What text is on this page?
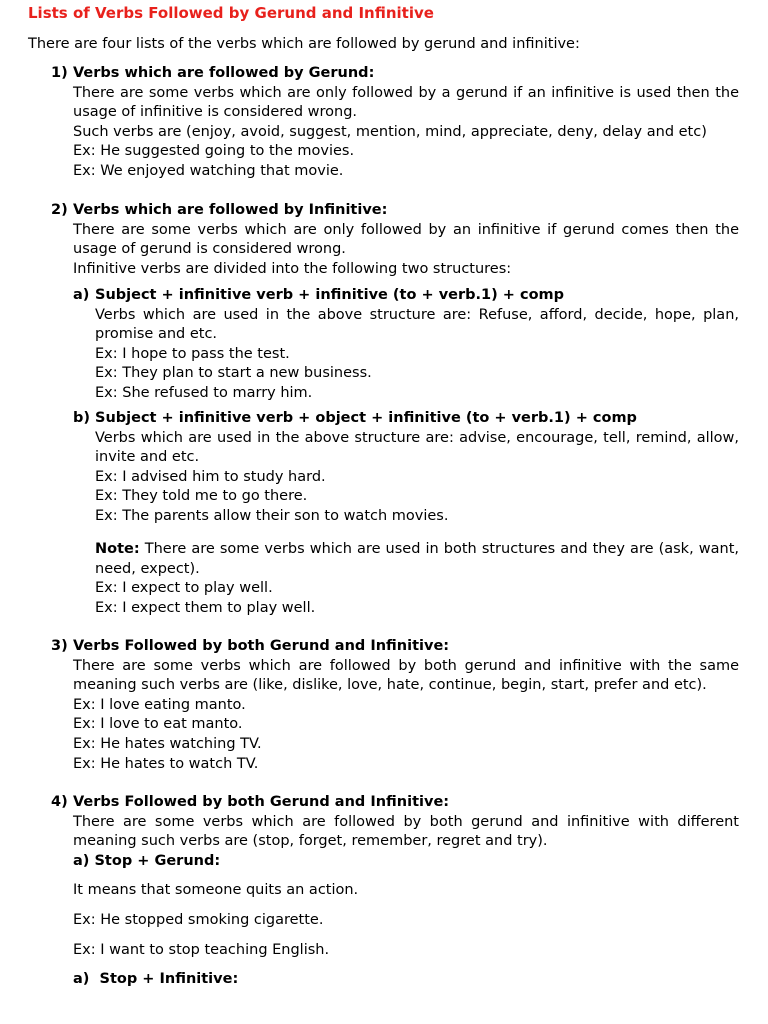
Lists of Verbs Followed by Gerund and Infinitive

There are four lists of the verbs which are followed by gerund and infinitive:

1) Verbs which are followed by Gerund:

There are some verbs which are only followed by a gerund if an infinitive is used then the usage of infinitive is considered wrong.

Such verbs are (enjoy, avoid, suggest, mention, mind, appreciate, deny, delay and etc)

Ex: He suggested going to the movies.

Ex: We enjoyed watching that movie.

2) Verbs which are followed by Infinitive:

There are some verbs which are only followed by an infinitive if gerund comes then the usage of gerund is considered wrong.

Infinitive verbs are divided into the following two structures:

a) Subject + infinitive verb + infinitive (to + verb.1) + comp

Verbs which are used in the above structure are: Refuse, afford, decide, hope, plan, promise and etc.

Ex: I hope to pass the test.

Ex: They plan to start a new business.

Ex: She refused to marry him.

b) Subject + infinitive verb + object + infinitive (to + verb.1) + comp

Verbs which are used in the above structure are: advise, encourage, tell, remind, allow, invite and etc.

Ex: I advised him to study hard.

Ex: They told me to go there.

Ex: The parents allow their son to watch movies.

Note: There are some verbs which are used in both structures and they are (ask, want, need, expect).

Ex: I expect to play well.

Ex: I expect them to play well.

3) Verbs Followed by both Gerund and Infinitive:

There are some verbs which are followed by both gerund and infinitive with the same meaning such verbs are (like, dislike, love, hate, continue, begin, start, prefer and etc).

Ex: I love eating manto.

Ex: I love to eat manto.

Ex: He hates watching TV.

Ex: He hates to watch TV.

4) Verbs Followed by both Gerund and Infinitive:

There are some verbs which are followed by both gerund and infinitive with different meaning such verbs are (stop, forget, remember, regret and try).

a) Stop + Gerund:

It means that someone quits an action.

Ex: He stopped smoking cigarette.

Ex: I want to stop teaching English.

a) Stop + Infinitive:
